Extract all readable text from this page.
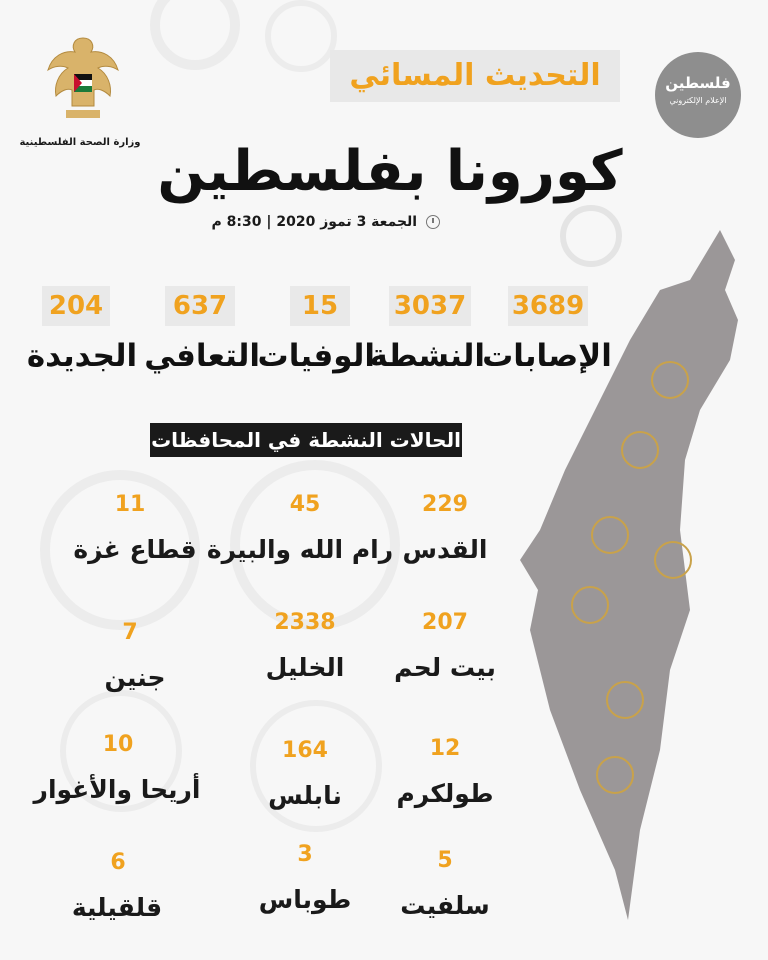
وزارة الصحة الفلسطينية
فلسطين
الإعلام الإلكتروني
التحديث المسائي
كورونا بفلسطين
الجمعة 3 تموز 2020 | 8:30 م
3689
الإصابات
3037
النشطة
15
الوفيات
637
التعافي
204
الجديدة
الحالات النشطة في المحافظات
229
القدس
45
رام الله والبيرة
11
قطاع غزة
207
بيت لحم
2338
الخليل
7
جنين
12
طولكرم
164
نابلس
10
أريحا والأغوار
5
سلفيت
3
طوباس
6
قلقيلية
